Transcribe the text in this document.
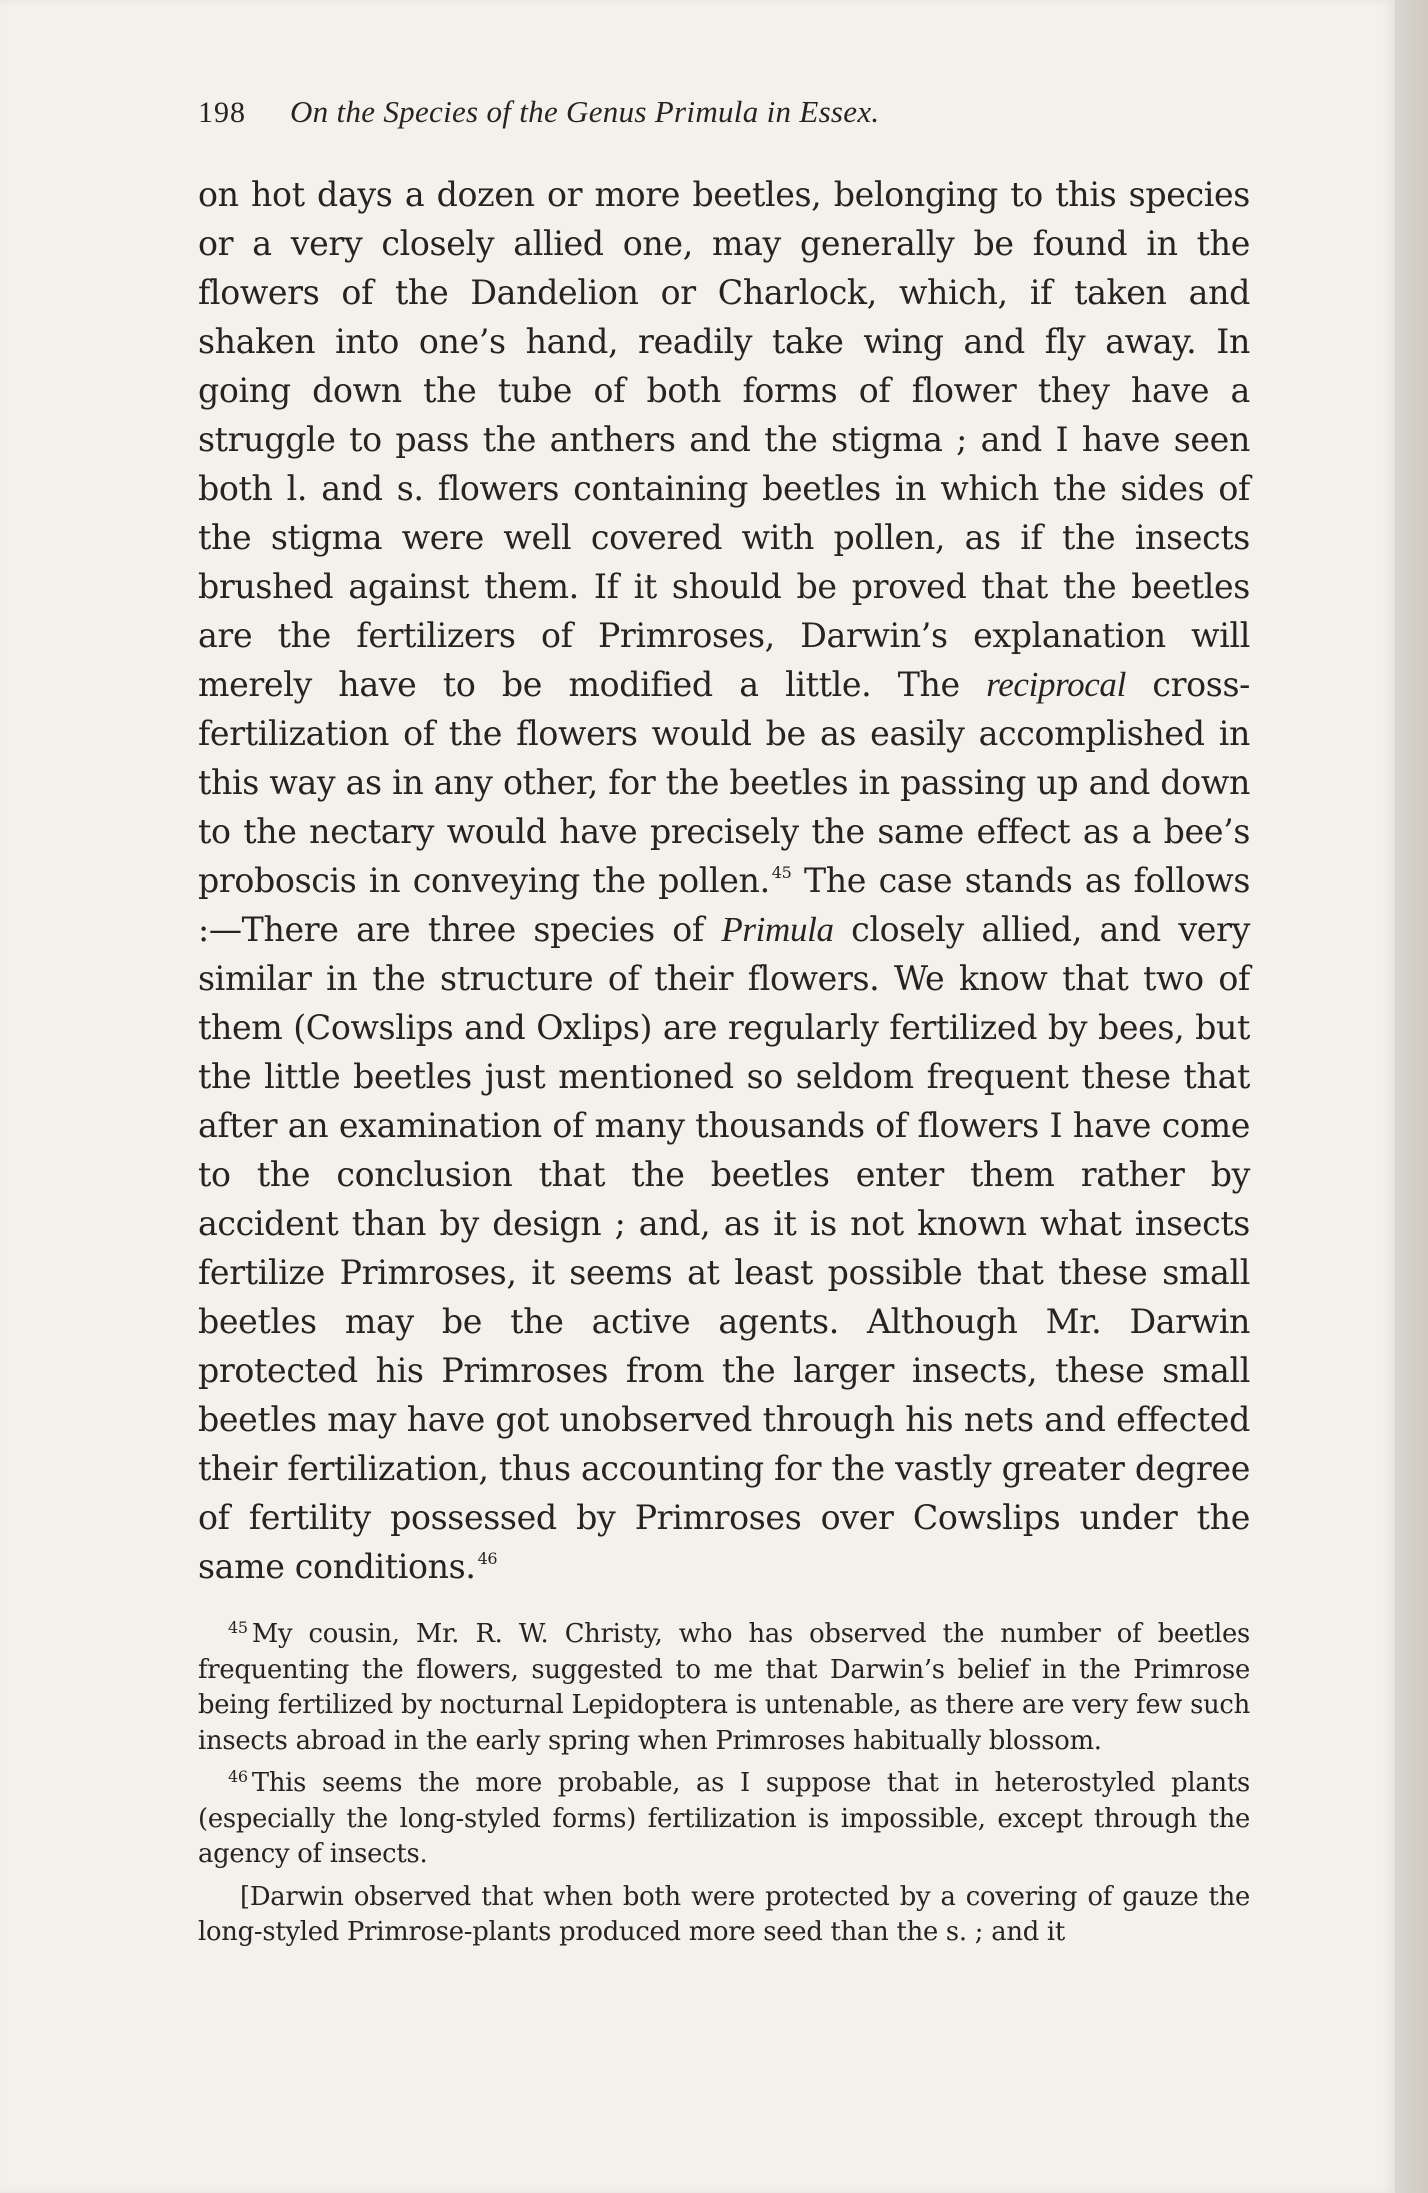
198	On the Species of the Genus Primula in Essex.

on hot days a dozen or more beetles, belonging to this species or a very closely allied one, may generally be found in the flowers of the Dandelion or Charlock, which, if taken and shaken into one’s hand, readily take wing and fly away. In going down the tube of both forms of flower they have a struggle to pass the anthers and the stigma ; and I have seen both l. and s. flowers containing beetles in which the sides of the stigma were well covered with pollen, as if the insects brushed against them. If it should be proved that the beetles are the fertilizers of Primroses, Darwin’s explanation will merely have to be modified a little. The reciprocal cross-fertilization of the flowers would be as easily accomplished in this way as in any other, for the beetles in passing up and down to the nectary would have precisely the same effect as a bee’s proboscis in conveying the pollen. $^{45}$ The case stands as follows :—There are three species of Primula closely allied, and very similar in the structure of their flowers. We know that two of them (Cowslips and Oxlips) are regularly fertilized by bees, but the little beetles just mentioned so seldom frequent these that after an examination of many thousands of flowers I have come to the conclusion that the beetles enter them rather by accident than by design ; and, as it is not known what insects fertilize Primroses, it seems at least possible that these small beetles may be the active agents. Although Mr. Darwin protected his Primroses from the larger insects, these small beetles may have got unobserved through his nets and effected their fertilization, thus accounting for the vastly greater degree of fertility possessed by Primroses over Cowslips under the same conditions. $^{46}$

$^{45}$ My cousin, Mr. R. W. Christy, who has observed the number of beetles frequenting the flowers, suggested to me that Darwin’s belief in the Primrose being fertilized by nocturnal Lepidoptera is untenable, as there are very few such insects abroad in the early spring when Primroses habitually blossom.

$^{46}$ This seems the more probable, as I suppose that in heterostyled plants (especially the long-styled forms) fertilization is impossible, except through the agency of insects.

[Darwin observed that when both were protected by a covering of gauze the long-styled Primrose-plants produced more seed than the s. ; and it
